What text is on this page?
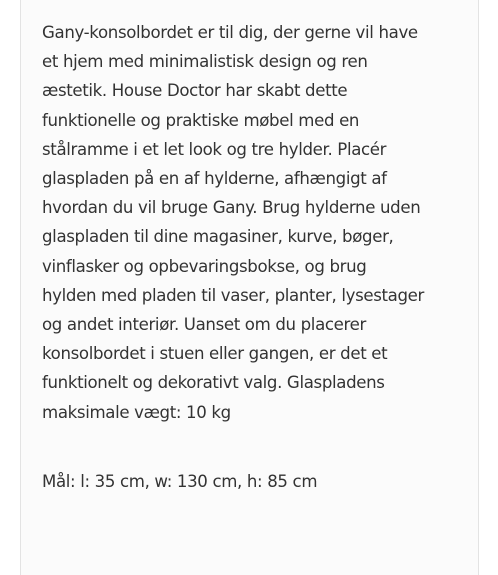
Gany-konsolbordet er til dig, der gerne vil have
et hjem med minimalistisk design og ren
æstetik. House Doctor har skabt dette
funktionelle og praktiske møbel med en
stålramme i et let look og tre hylder. Placér
glaspladen på en af hylderne, afhængigt af
hvordan du vil bruge Gany. Brug hylderne uden
glaspladen til dine magasiner, kurve, bøger,
vinflasker og opbevaringsbokse, og brug
hylden med pladen til vaser, planter, lysestager
og andet interiør. Uanset om du placerer
konsolbordet i stuen eller gangen, er det et
funktionelt og dekorativt valg. Glaspladens
maksimale vægt: 10 kg
Mål: l: 35 cm, w: 130 cm, h: 85 cm
